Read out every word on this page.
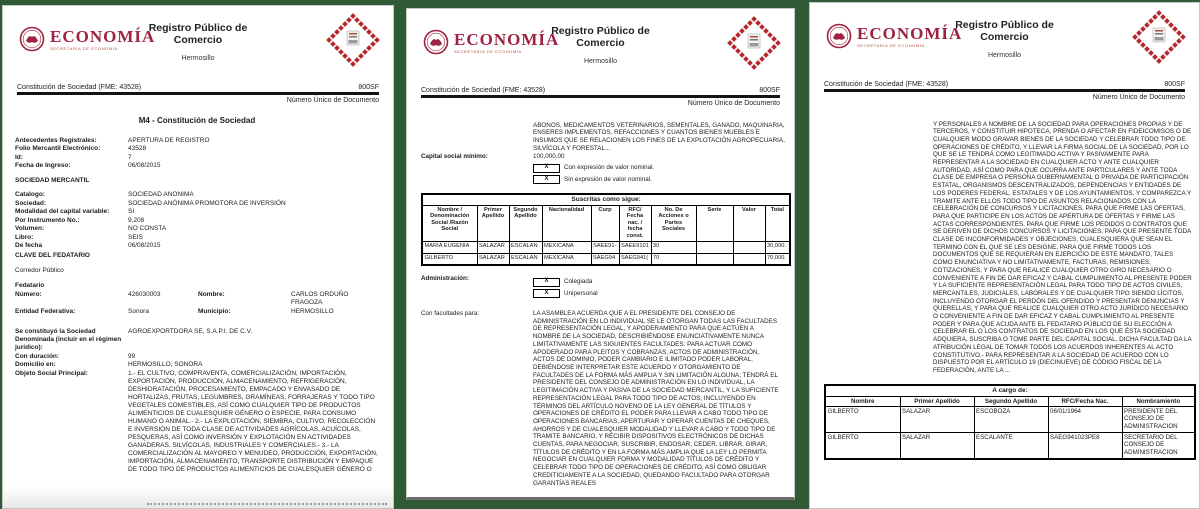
ECONOMÍA
SECRETARÍA DE ECONOMÍA
Registro Público de Comercio
Hermosillo
Constitución de Sociedad (FME: 43528)	800SF
Número Único de Documento
M4 - Constitución de Sociedad
Antecedentes Registrales:	APERTURA DE REGISTRO
Folio Mercantil Electrónico:	43528
Id:	7
Fecha de Ingreso:	06/08/2015
SOCIEDAD MERCANTIL
Catalogo:	SOCIEDAD ANONIMA
Sociedad:	SOCIEDAD ANÓNIMA PROMOTORA DE INVERSIÓN
Modalidad del capital variable:	SI
Por Instrumento No.:	9,208
Volumen:	NO CONSTA
Libro:	SEIS
De fecha	06/08/2015
CLAVE DEL FEDATARIO
Corredor Público
Fedatario
Número:	426030003	Nombre:	CARLOS ORDUÑO FRAGOZA
Entidad Federativa:	Sonora	Municipio:	HERMOSILLO
Se constituyó la Sociedad Denominada (incluir en el régimen jurídico):
AGROEXPORTDORA SE, S.A.P.I. DE C.V.
Con duración:	99
Domicilio en:	HERMOSILLO, SONORA
Objeto Social Principal:	1.- EL CULTIVO, COMPRAVENTA, COMERCIALIZACIÓN, IMPORTACIÓN, EXPORTACIÓN, PRODUCCIÓN, ALMACENAMIENTO, REFRIGERACIÓN, DESHIDRATACIÓN, PROCESAMIENTO, EMPACADO Y ENVASADO DE HORTALIZAS, FRUTAS, LEGUMBRES, GRAMÍNEAS, FORRAJERAS Y TODO TIPO VEGETALES COMESTIBLES, ASÍ COMO CUALQUIER TIPO DE PRODUCTOS ALIMENTICIOS DE CUALESQUIER GÉNERO O ESPECIE, PARA CONSUMO HUMANO O ANIMAL.- 2.- LA EXPLOTACIÓN, SIEMBRA, CULTIVO, RECOLECCIÓN E INVERSIÓN DE TODA CLASE DE ACTIVIDADES AGRÍCOLAS, ACUÍCOLAS, PESQUERAS, ASÍ COMO INVERSIÓN Y EXPLOTACIÓN EN ACTIVIDADES GANADERAS, SILVÍCOLAS, INDUSTRIALES Y COMERCIALES.- 3.- LA COMERCIALIZACIÓN AL MAYOREO Y MENUDEO, PRODUCCIÓN, EXPORTACIÓN, IMPORTACIÓN, ALMACENAMIENTO, TRANSPORTE DISTRIBUCIÓN Y EMPAQUE DE TODO TIPO DE PRODUCTOS ALIMENTICIOS DE CUALESQUIER GÉNERO O
ECONOMÍA
SECRETARÍA DE ECONOMÍA
Registro Público de Comercio
Hermosillo
Constitución de Sociedad (FME: 43528)	800SF
Número Único de Documento
ABONOS, MEDICAMENTOS VETERINARIOS, SEMENTALES, GANADO, MAQUINARIA, ENSERES IMPLEMENTOS, REFACCIONES Y CUANTOS BIENES MUEBLES E INSUMOS QUE SE RELACIONEN LOS FINES DE LA EXPLOTACIÓN AGROPECUARIA, SILVÍCOLA Y FORESTAL...
Capital social mínimo:	100,000.00
X	Con expresión de valor nominal.
X	Sin expresión de valor nominal.
Suscritas como sigue:									
Nombre / Denominación Social /Razón Social	Primer Apellido	Segundo Apellido	Nacionalidad	Curp	RFC/ Fecha nac. / fecha const.	No. De Acciones o Partes Sociales	Serie	Valor	Total
MARIA EUGENIA	SALAZAR	ESCALAN	MEXICANA	SAEE91-	SAEE9101	30			30,000.
GILBERTO	SALAZAR	ESCALAN	MEXICANA	SAEG94	SAEG941(	70			70,000.
Administración:	X	Colegiada
X	Unipersonal
Con facultades para:	LA ASAMBLEA ACUERDA QUE A EL PRESIDENTE DEL CONSEJO DE ADMINISTRACIÓN EN LO INDIVIDUAL SE LE OTORGAN TODAS LAS FACULTADES DE REPRESENTACIÓN LEGAL, Y APODERAMIENTO PARA QUE ACTÚEN A NOMBRE DE LA SOCIEDAD, DESCRIBIÉNDOSE ENUNCIATIVAMENTE NUNCA LIMITATIVAMENTE LAS SIGUIENTES FACULTADES: PARA ACTUAR COMO APODERADO PARA PLEITOS Y COBRANZAS, ACTOS DE ADMINISTRACIÓN, ACTOS DE DOMINIO, PODER CAMBIARIO E ILIMITADO PODER LABORAL, DEBIÉNDOSE INTERPRETAR ESTE ACUERDO Y OTORGAMIENTO DE FACULTADES DE LA FORMA MÁS AMPLIA Y SIN LIMITACIÓN ALGUNA; TENDRÁ EL PRESIDENTE DEL CONSEJO DE ADMINISTRACIÓN EN LO INDIVIDUAL, LA LEGITIMACIÓN ACTIVA Y PASIVA DE LA SOCIEDAD MERCANTIL, Y LA SUFICIENTE REPRESENTACIÓN LEGAL PARA TODO TIPO DE ACTOS, INCLUYENDO EN TÉRMINOS DEL ARTÍCULO NOVENO DE LA LEY GENERAL DE TÍTULOS Y OPERACIONES DE CRÉDITO EL PODER PARA LLEVAR A CABO TODO TIPO DE OPERACIONES BANCARIAS, APERTURAR Y OPERAR CUENTAS DE CHEQUES, AHORROS Y DE CUALESQUIER MODALIDAD Y LLEVAR A CABO Y TODO TIPO DE TRAMITE BANCARIO, Y RECIBIR DISPOSITIVOS ELECTRÓNICOS DE DICHAS CUENTAS, PARA NEGOCIAR, SUSCRIBIR, ENDOSAR, CEDER, LIBRAR, GIRAR, TÍTULOS DE CRÉDITO Y EN LA FORMA MÁS AMPLIA QUE LA LEY LO PERMITA NEGOCIAR EN CUALQUIER FORMA Y MODALIDAD TÍTULOS DE CRÉDITO Y CELEBRAR TODO TIPO DE OPERACIONES DE CRÉDITO, ASÍ COMO OBLIGAR CREDITICIAMENTE A LA SOCIEDAD, QUEDANDO FACULTADO PARA OTORGAR GARANTÍAS REALES
ECONOMÍA
SECRETARÍA DE ECONOMÍA
Registro Público de Comercio
Hermosillo
Constitución de Sociedad (FME: 43528)	800SF
Número Único de Documento
Y PERSONALES A NOMBRE DE LA SOCIEDAD PARA OPERACIONES PROPIAS Y DE TERCEROS, Y CONSTITUIR HIPOTECA, PRENDA O AFECTAR EN FIDEICOMISOS O DE CUALQUIER MODO GRAVAR BIENES DE LA SOCIEDAD Y CELEBRAR TODO TIPO DE OPERACIONES DE CRÉDITO, Y LLEVAR LA FIRMA SOCIAL DE LA SOCIEDAD, POR LO QUE SE LE TENDRÁ COMO LEGITIMADO ACTIVA Y PASIVAMENTE PARA REPRESENTAR A LA SOCIEDAD EN CUALQUIER ACTO Y ANTE CUALQUIER AUTORIDAD, ASÍ COMO PARA QUE OCURRA ANTE PARTICULARES Y ANTE TODA CLASE DE EMPRESA O PERSONA GUBERNAMENTAL O PRIVADA DE PARTICIPACIÓN ESTATAL, ORGANISMOS DESCENTRALIZADOS, DEPENDENCIAS Y ENTIDADES DE LOS PODERES FEDERAL, ESTATALES Y DE LOS AYUNTAMIENTOS, Y COMPAREZCA Y TRAMITE ANTE ELLOS TODO TIPO DE ASUNTOS RELACIONADOS CON LA CELEBRACIÓN DE CONCURSOS Y LICITACIONES, PARA QUE FIRME LAS OFERTAS, PARA QUE PARTICIPE EN LOS ACTOS DE APERTURA DE OFERTAS Y FIRME LAS ACTAS CORRESPONDIENTES, PARA QUE FIRME LOS PEDIDOS O CONTRATOS QUE SE DERIVEN DE DICHOS CONCURSOS Y LICITACIONES, PARA QUE PRESENTE TODA CLASE DE INCONFORMIDADES Y OBJECIONES, CUALESQUIERA QUE SEAN EL TERMINO CON EL QUE SE LES DESIGNE, PARA QUE FIRME TODOS LOS DOCUMENTOS QUE SE REQUIERAN EN EJERCICIO DE ESTE MANDATO, TALES COMO ENUNCIATIVA Y NO LIMITATIVAMENTE, FACTURAS, REMISIONES, COTIZACIONES, Y PARA QUE REALICE CUALQUIER OTRO GIRO NECESARIO O CONVENIENTE A FIN DE DAR EFICAZ Y CABAL CUMPLIMIENTO AL PRESENTE PODER Y LA SUFICIENTE REPRESENTACIÓN LEGAL PARA TODO TIPO DE ACTOS CIVILES, MERCANTILES, JUDICIALES, LABORALES Y DE CUALQUIER TIPO SIENDO LÍCITOS, INCLUYENDO OTORGAR EL PERDÓN DEL OFENDIDO Y PRESENTAR DENUNCIAS Y QUERELLAS; Y PARA QUE REALICE CUALQUIER OTRO ACTO JURÍDICO NECESARIO O CONVENIENTE A FIN DE DAR EFICAZ Y CABAL CUMPLIMIENTO AL PRESENTE PODER Y PARA QUE ACUDA ANTE EL FEDATARIO PÚBLICO DE SU ELECCIÓN A CELEBRAR EL O LOS CONTRATOS DE SOCIEDAD EN LOS QUE ÉSTA SOCIEDAD ADQUIERA, SUSCRIBA O TOME PARTE DEL CAPITAL SOCIAL, DICHA FACULTAD DA LA ATRIBUCIÓN LEGAL DE TOMAR TODOS LOS ACUERDOS INHERENTES AL ACTO CONSTITUTIVO.- PARA REPRESENTAR A LA SOCIEDAD DE ACUERDO CON LO DISPUESTO POR EL ARTÍCULO 19 (DIECINUEVE) DE CÓDIGO FISCAL DE LA FEDERACIÓN, ANTE LA ...
A cargo de:				
Nombre	Primer Apellido	Segundo Apellido	RFC/Fecha Nac.	Nombramiento
GILBERTO	SALAZAR	ESCOBOZA	06/01/1964	PRESIDENTE DEL CONSEJO DE ADMINISTRACION
GILBERTO	SALAZAR	ESCALANTE	SAEG941023PE8	SECRETARIO DEL CONSEJO DE ADMINISTRACION
